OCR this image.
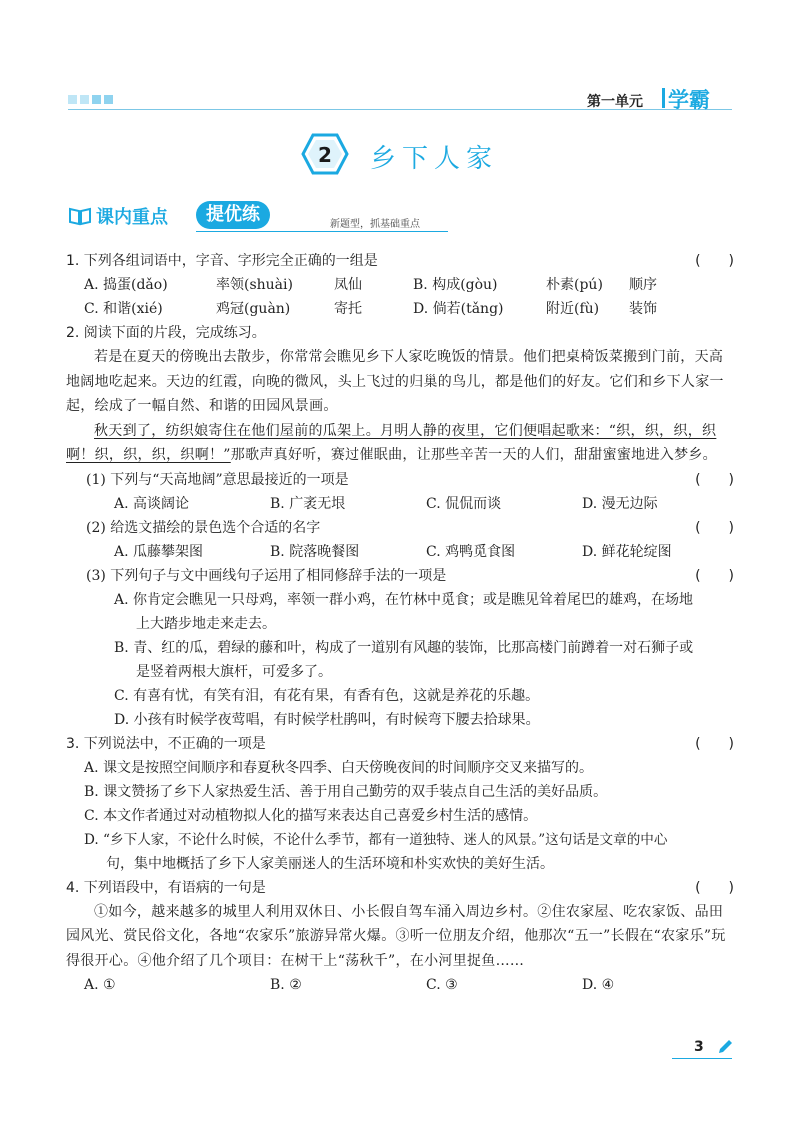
第一单元 学霸
2 乡下人家
课内重点	提优练	新题型，抓基础重点
1. 下列各组词语中，字音、字形完全正确的一组是	(　　)
A. 捣蛋(dǎo)	率领(shuài)	凤仙	B. 构成(gòu)	朴素(pú) 顺序
C. 和谐(xié)	鸡冠(guàn)	寄托	D. 倘若(tǎng)	附近(fù) 装饰
2. 阅读下面的片段，完成练习。

若是在夏天的傍晚出去散步，你常常会瞧见乡下人家吃晚饭的情景。他们把桌椅饭菜搬到门前，天高地阔地吃起来。天边的红霞，向晚的微风，头上飞过的归巢的鸟儿，都是他们的好友。它们和乡下人家一起，绘成了一幅自然、和谐的田园风景画。

秋天到了，纺织娘寄住在他们屋前的瓜架上。月明人静的夜里，它们便唱起歌来：“织，织，织，织啊！织，织，织，织啊！”那歌声真好听，赛过催眠曲，让那些辛苦一天的人们，甜甜蜜蜜地进入梦乡。

(1) 下列与“天高地阔”意思最接近的一项是	(　　)
A. 高谈阔论	B. 广袤无垠	C. 侃侃而谈	D. 漫无边际
(2) 给选文描绘的景色选个合适的名字	(　　)
A. 瓜藤攀架图	B. 院落晚餐图	C. 鸡鸭觅食图	D. 鲜花轮绽图
(3) 下列句子与文中画线句子运用了相同修辞手法的一项是	(　　)
A. 你肯定会瞧见一只母鸡，率领一群小鸡，在竹林中觅食；或是瞧见耸着尾巴的雄鸡，在场地
上大踏步地走来走去。
B. 青、红的瓜，碧绿的藤和叶，构成了一道别有风趣的装饰，比那高楼门前蹲着一对石狮子或
是竖着两根大旗杆，可爱多了。
C. 有喜有忧，有笑有泪，有花有果，有香有色，这就是养花的乐趣。
D. 小孩有时候学夜莺唱，有时候学杜鹃叫，有时候弯下腰去拾球果。
3. 下列说法中，不正确的一项是	(　　)
A. 课文是按照空间顺序和春夏秋冬四季、白天傍晚夜间的时间顺序交叉来描写的。
B. 课文赞扬了乡下人家热爱生活、善于用自己勤劳的双手装点自己生活的美好品质。
C. 本文作者通过对动植物拟人化的描写来表达自己喜爱乡村生活的感情。
D. “乡下人家，不论什么时候，不论什么季节，都有一道独特、迷人的风景。”这句话是文章的中心
句，集中地概括了乡下人家美丽迷人的生活环境和朴实欢快的美好生活。
4. 下列语段中，有语病的一句是	(　　)

①如今，越来越多的城里人利用双休日、小长假自驾车涌入周边乡村。②住农家屋、吃农家饭、品田园风光、赏民俗文化，各地“农家乐”旅游异常火爆。③听一位朋友介绍，他那次“五一”长假在“农家乐”玩得很开心。④他介绍了几个项目：在树干上“荡秋千”，在小河里捉鱼……

A. ①	B. ②	C. ③	D. ④
3
